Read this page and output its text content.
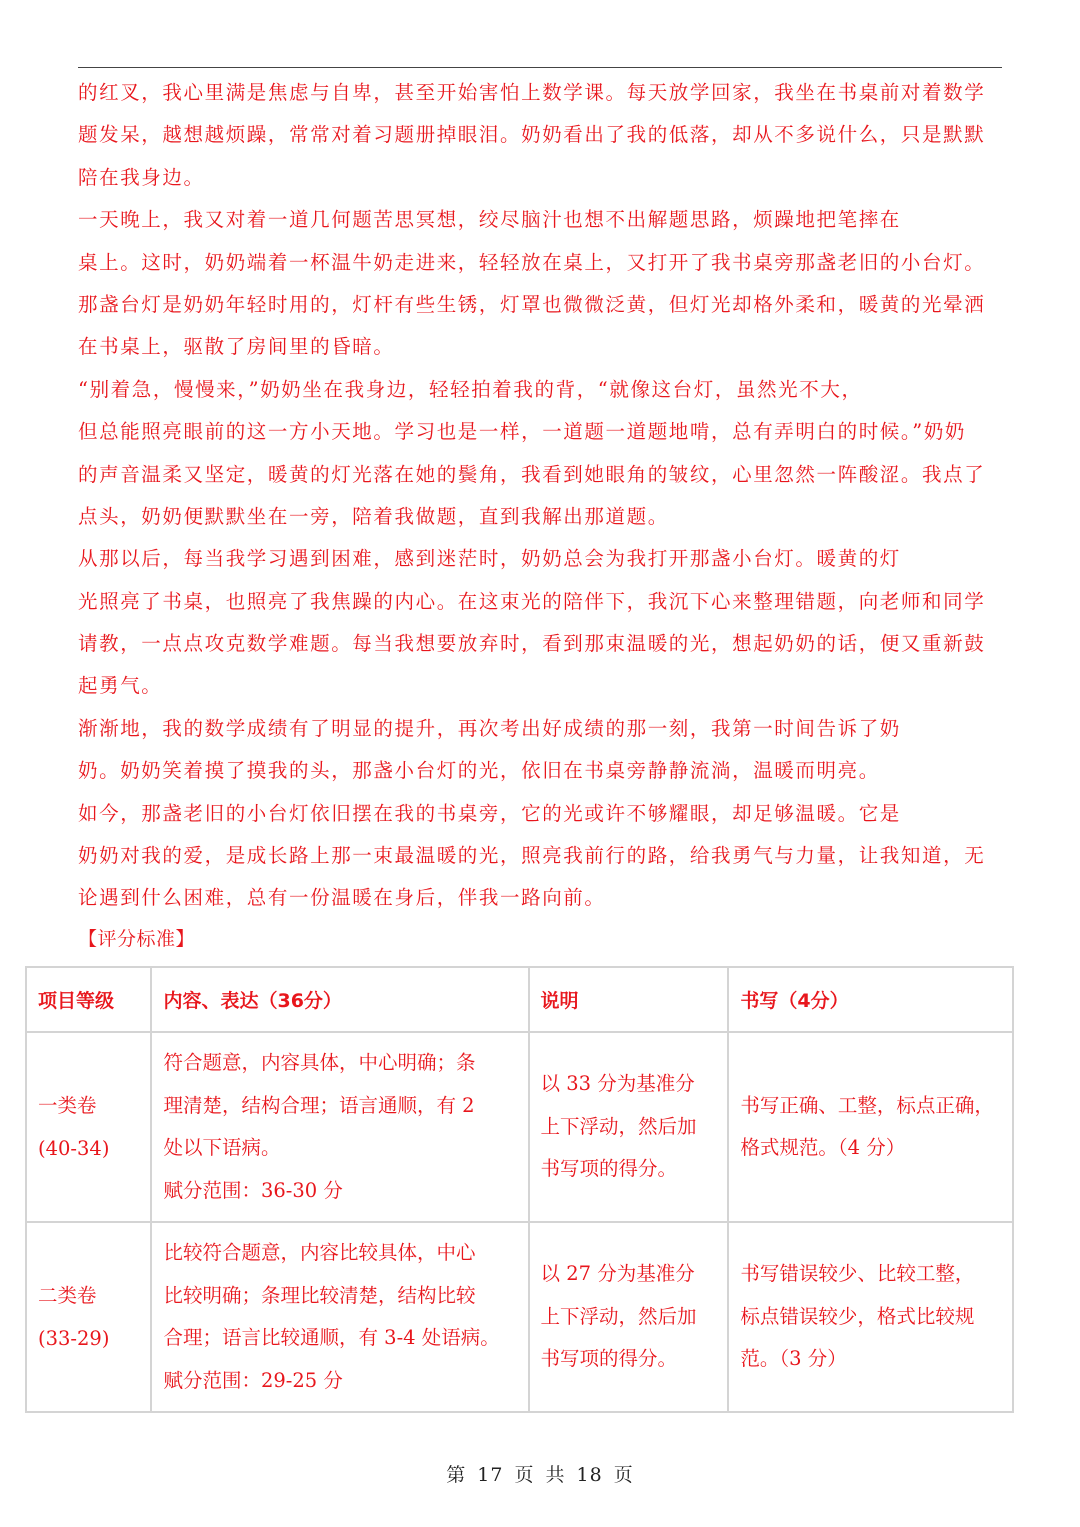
的红叉，我心里满是焦虑与自卑，甚至开始害怕上数学课。每天放学回家，我坐在书桌前对着数学
题发呆，越想越烦躁，常常对着习题册掉眼泪。奶奶看出了我的低落，却从不多说什么，只是默默
陪在我身边。
一天晚上，我又对着一道几何题苦思冥想，绞尽脑汁也想不出解题思路，烦躁地把笔摔在
桌上。这时，奶奶端着一杯温牛奶走进来，轻轻放在桌上，又打开了我书桌旁那盏老旧的小台灯。
那盏台灯是奶奶年轻时用的，灯杆有些生锈，灯罩也微微泛黄，但灯光却格外柔和，暖黄的光晕洒
在书桌上，驱散了房间里的昏暗。
“别着急，慢慢来，”奶奶坐在我身边，轻轻拍着我的背，“就像这台灯，虽然光不大，
但总能照亮眼前的这一方小天地。学习也是一样，一道题一道题地啃，总有弄明白的时候。”奶奶
的声音温柔又坚定，暖黄的灯光落在她的鬓角，我看到她眼角的皱纹，心里忽然一阵酸涩。我点了
点头，奶奶便默默坐在一旁，陪着我做题，直到我解出那道题。
从那以后，每当我学习遇到困难，感到迷茫时，奶奶总会为我打开那盏小台灯。暖黄的灯
光照亮了书桌，也照亮了我焦躁的内心。在这束光的陪伴下，我沉下心来整理错题，向老师和同学
请教，一点点攻克数学难题。每当我想要放弃时，看到那束温暖的光，想起奶奶的话，便又重新鼓
起勇气。
渐渐地，我的数学成绩有了明显的提升，再次考出好成绩的那一刻，我第一时间告诉了奶
奶。奶奶笑着摸了摸我的头，那盏小台灯的光，依旧在书桌旁静静流淌，温暖而明亮。
如今，那盏老旧的小台灯依旧摆在我的书桌旁，它的光或许不够耀眼，却足够温暖。它是
奶奶对我的爱，是成长路上那一束最温暖的光，照亮我前行的路，给我勇气与力量，让我知道，无
论遇到什么困难，总有一份温暖在身后，伴我一路向前。
【评分标准】
项目等级	内容、表达（36分）	说明	书写（4分）

一类卷
(40-34)	符合题意，内容具体，中心明确；条
理清楚，结构合理；语言通顺，有 2
处以下语病。
赋分范围：36-30 分	以 33 分为基准分
上下浮动，然后加
书写项的得分。	书写正确、工整，标点正确，
格式规范。（4 分）

二类卷
(33-29)	比较符合题意，内容比较具体，中心
比较明确；条理比较清楚，结构比较
合理；语言比较通顺，有 3-4 处语病。
赋分范围：29-25 分	以 27 分为基准分
上下浮动，然后加
书写项的得分。	书写错误较少、比较工整，
标点错误较少，格式比较规
范。（3 分）
第 17 页 共 18 页
